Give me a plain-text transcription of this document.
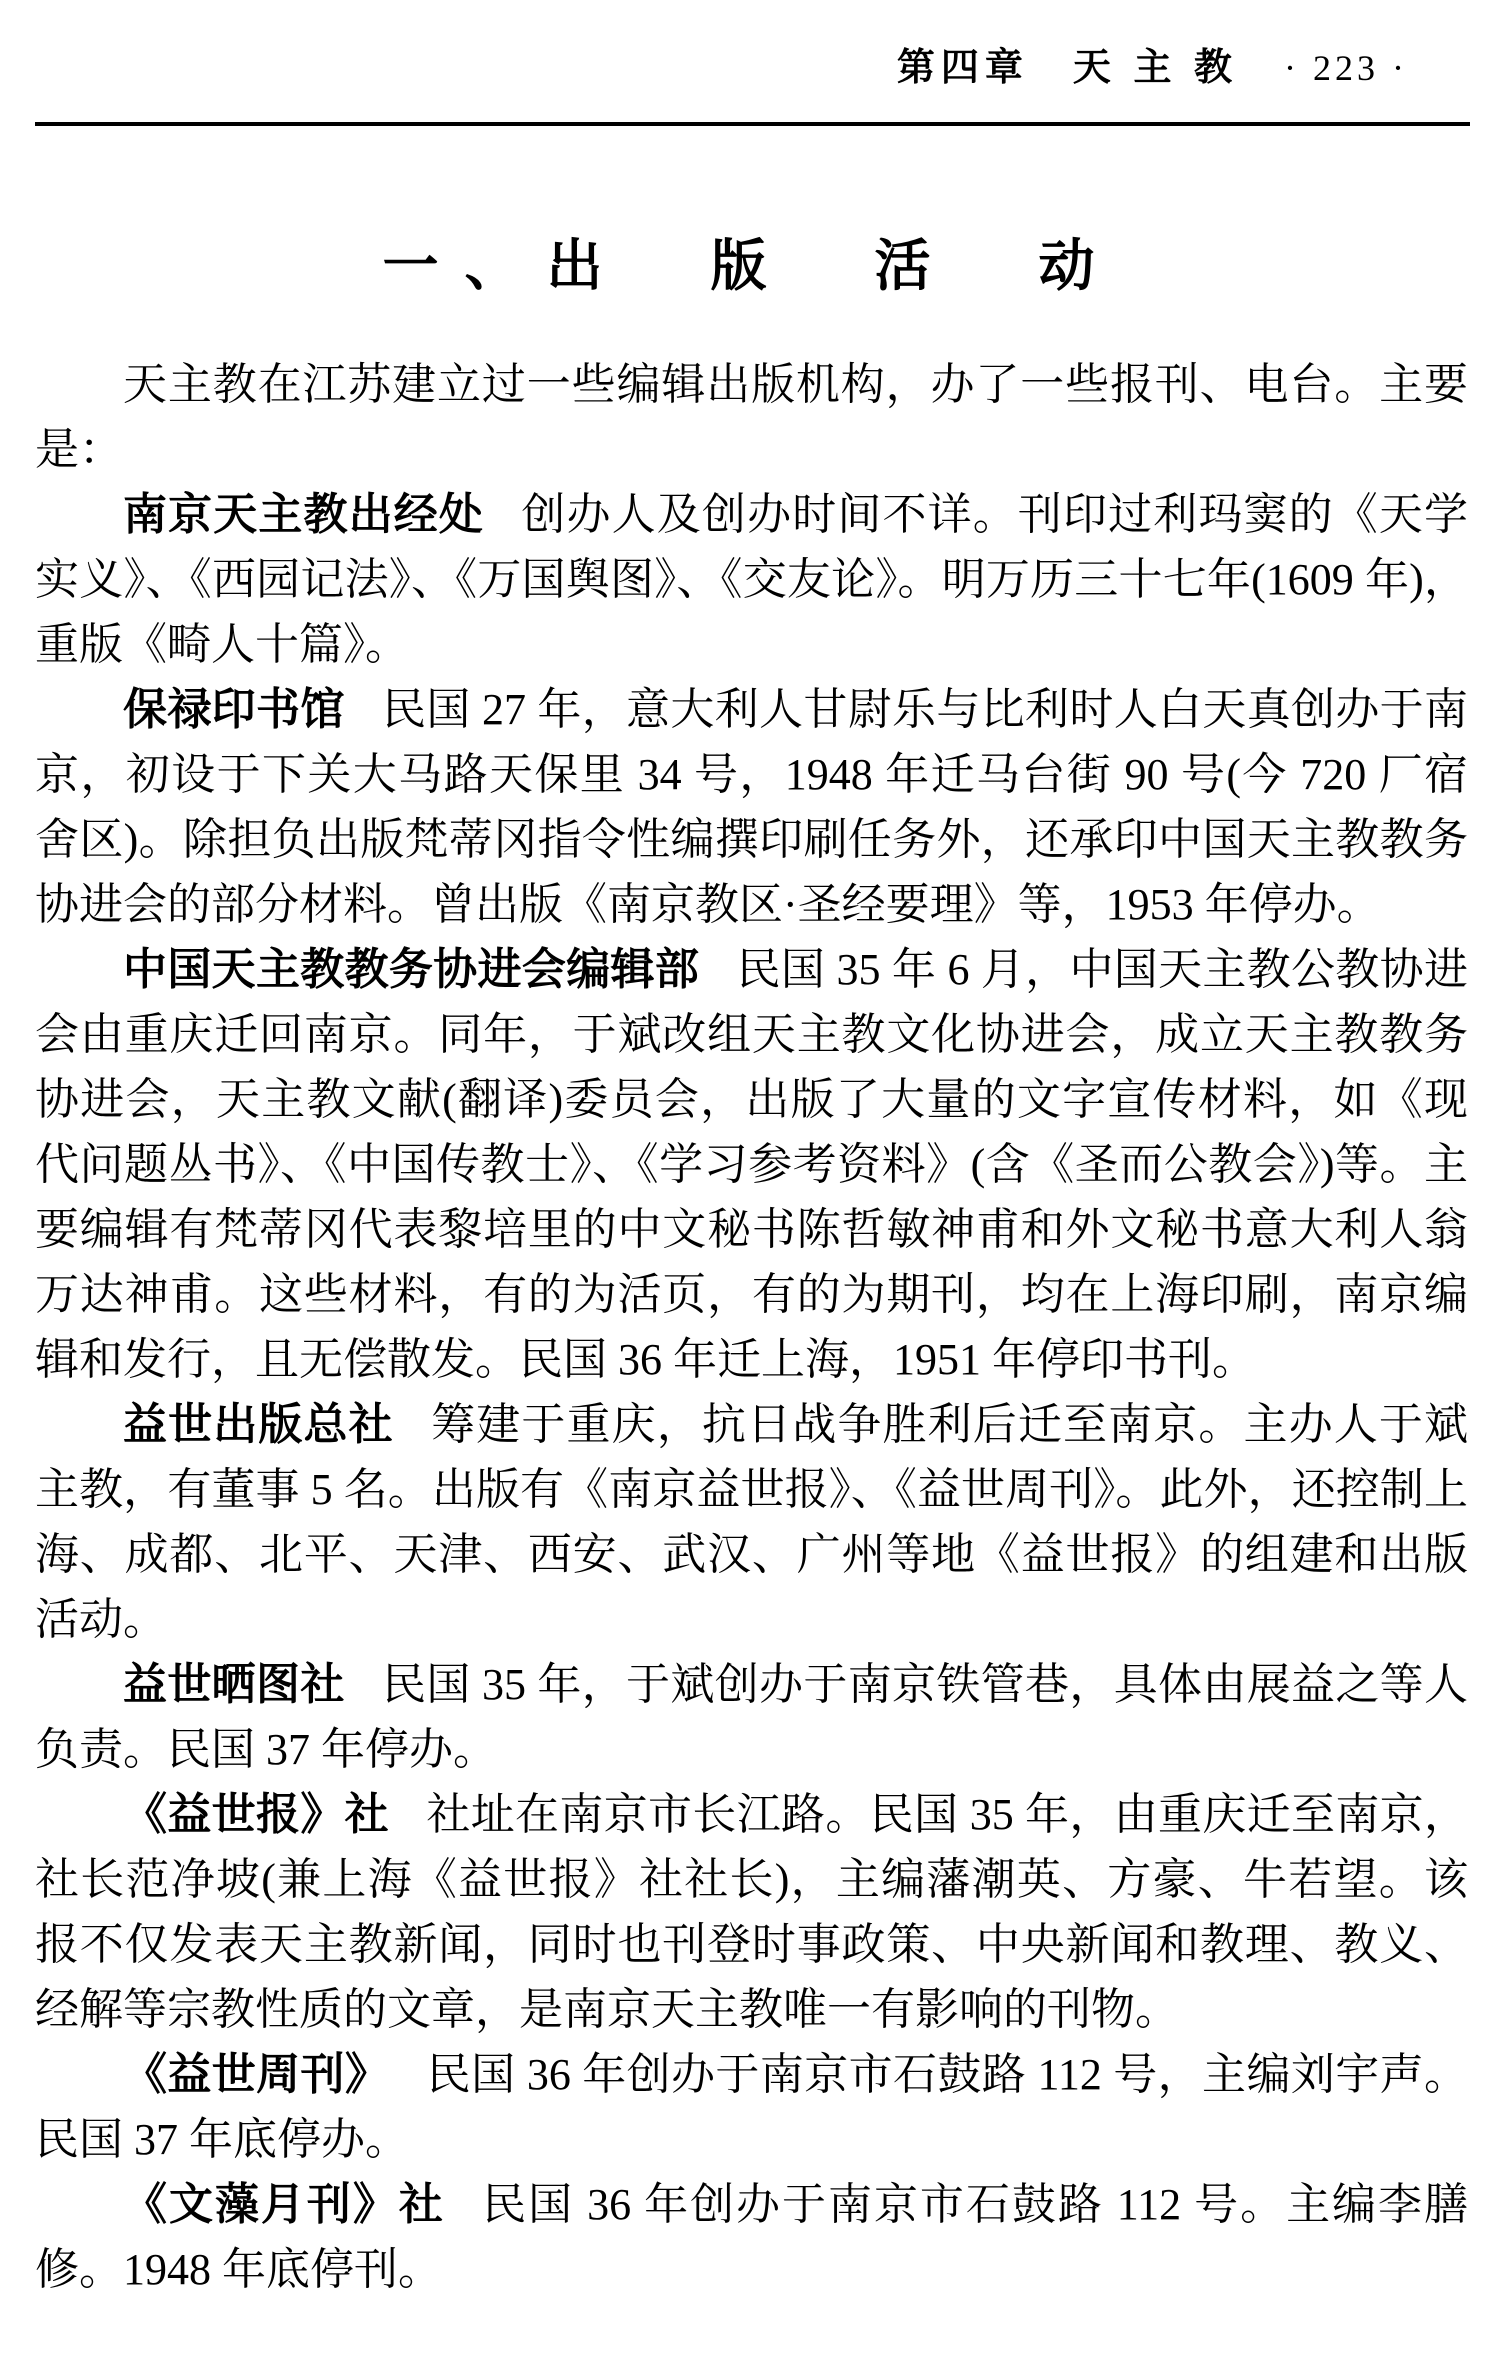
第四章　天 主 教 · 223 ·
一、出　版　活　动

天主教在江苏建立过一些编辑出版机构，办了一些报刊、电台。主要是：

南京天主教出经处 创办人及创办时间不详。刊印过利玛窦的《天学实义》、《西园记法》、《万国舆图》、《交友论》。明万历三十七年(1609 年)，重版《畸人十篇》。

保禄印书馆 民国 27 年，意大利人甘尉乐与比利时人白天真创办于南京，初设于下关大马路天保里 34 号，1948 年迁马台街 90 号(今 720 厂宿舍区)。除担负出版梵蒂冈指令性编撰印刷任务外，还承印中国天主教教务协进会的部分材料。曾出版《南京教区·圣经要理》等，1953 年停办。

中国天主教教务协进会编辑部 民国 35 年 6 月，中国天主教公教协进会由重庆迁回南京。同年，于斌改组天主教文化协进会，成立天主教教务协进会，天主教文献(翻译)委员会，出版了大量的文字宣传材料，如《现代问题丛书》、《中国传教士》、《学习参考资料》(含《圣而公教会》)等。主要编辑有梵蒂冈代表黎培里的中文秘书陈哲敏神甫和外文秘书意大利人翁万达神甫。这些材料，有的为活页，有的为期刊，均在上海印刷，南京编辑和发行，且无偿散发。民国 36 年迁上海，1951 年停印书刊。

益世出版总社 筹建于重庆，抗日战争胜利后迁至南京。主办人于斌主教，有董事 5 名。出版有《南京益世报》、《益世周刊》。此外，还控制上海、成都、北平、天津、西安、武汉、广州等地《益世报》的组建和出版活动。

益世晒图社 民国 35 年，于斌创办于南京铁管巷，具体由展益之等人负责。民国 37 年停办。

《益世报》社 社址在南京市长江路。民国 35 年，由重庆迁至南京，社长范净坡(兼上海《益世报》社社长)，主编藩潮英、方豪、牛若望。该报不仅发表天主教新闻，同时也刊登时事政策、中央新闻和教理、教义、经解等宗教性质的文章，是南京天主教唯一有影响的刊物。

《益世周刊》 民国 36 年创办于南京市石鼓路 112 号，主编刘宇声。民国 37 年底停办。

《文藻月刊》社 民国 36 年创办于南京市石鼓路 112 号。主编李膳修。1948 年底停刊。
